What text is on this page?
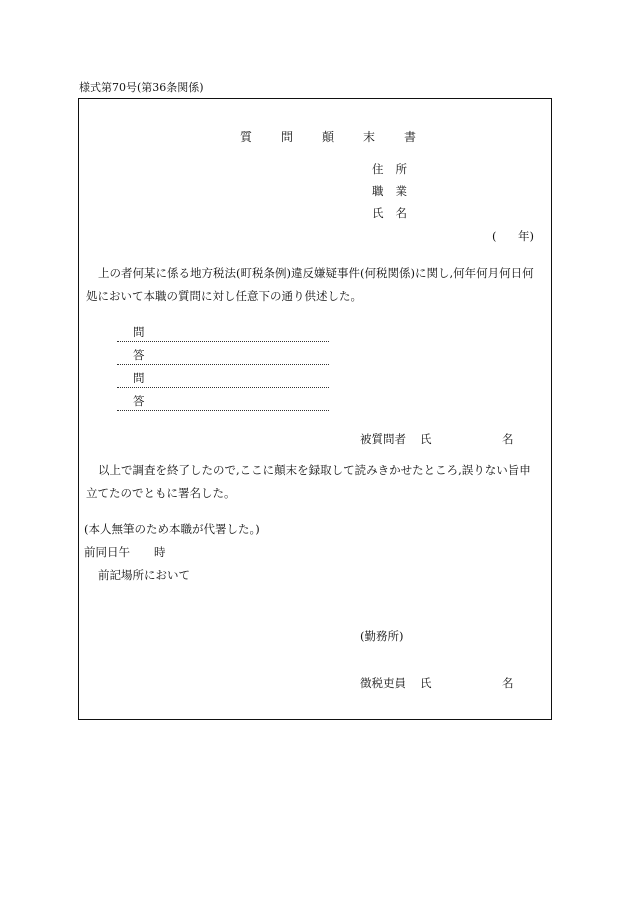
様式第70号(第36条関係)
質問顛末書
住所
職業
氏名
( 年)
上の者何某に係る地方税法(町税条例)違反嫌疑事件(何税関係)に関し,何年何月何日何
処において本職の質問に対し任意下の通り供述した。
問
答
問
答
被質問者 氏	名
以上で調査を終了したので,ここに顛末を録取して読みきかせたところ,誤りない旨申
立てたのでともに署名した。
(本人無筆のため本職が代署した。)
前同日午 時
前記場所において
(勤務所)
徴税吏員 氏	名
